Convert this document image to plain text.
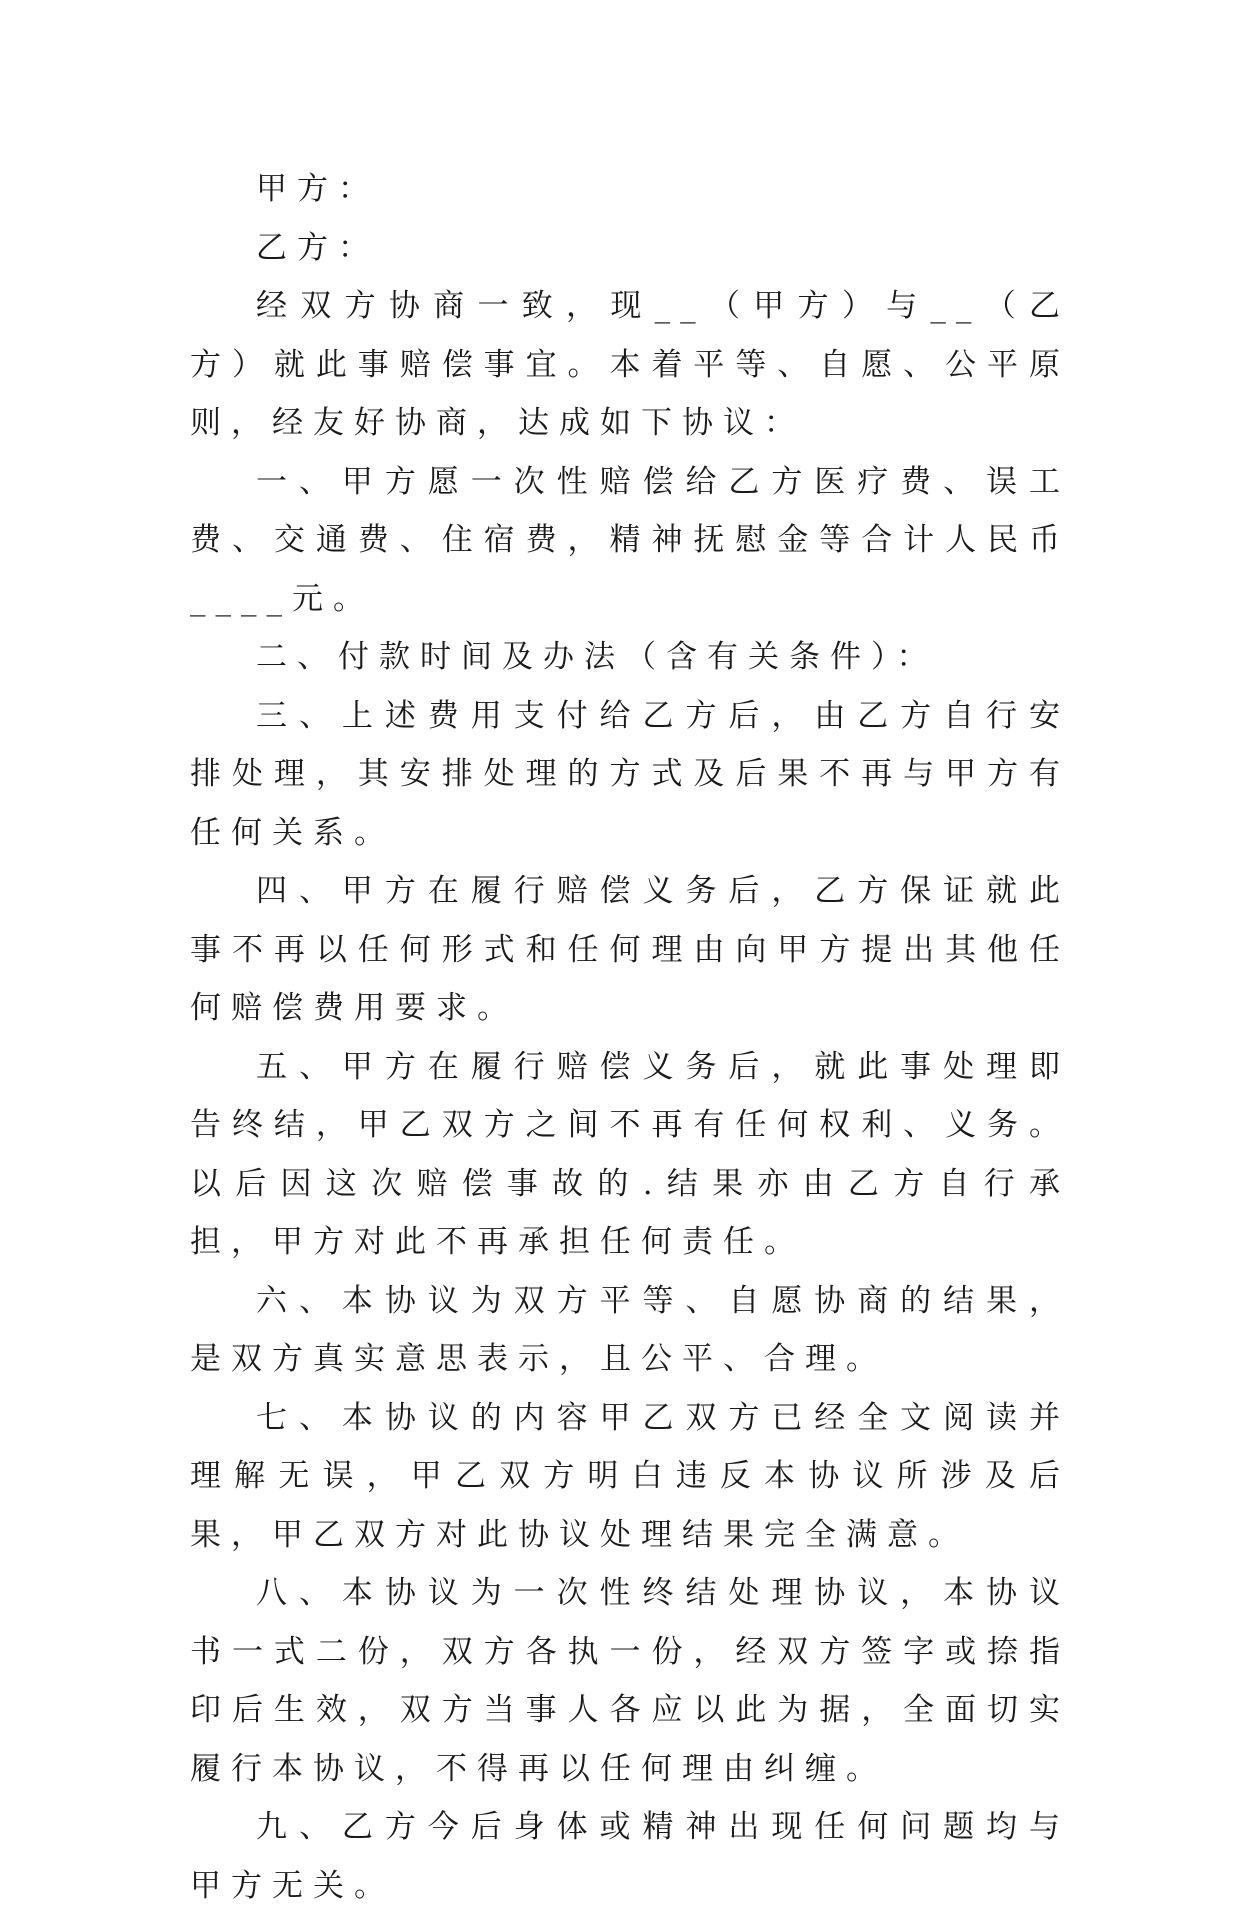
甲方：

乙方：

经双方协商一致，现__（甲方）与__（乙方）就此事赔偿事宜。本着平等、自愿、公平原则，经友好协商，达成如下协议：

一、甲方愿一次性赔偿给乙方医疗费、误工费、交通费、住宿费，精神抚慰金等合计人民币____元。

二、付款时间及办法（含有关条件）：

三、上述费用支付给乙方后，由乙方自行安排处理，其安排处理的方式及后果不再与甲方有任何关系。

四、甲方在履行赔偿义务后，乙方保证就此事不再以任何形式和任何理由向甲方提出其他任何赔偿费用要求。

五、甲方在履行赔偿义务后，就此事处理即告终结，甲乙双方之间不再有任何权利、义务。以后因这次赔偿事故的.结果亦由乙方自行承担，甲方对此不再承担任何责任。

六、本协议为双方平等、自愿协商的结果，是双方真实意思表示，且公平、合理。

七、本协议的内容甲乙双方已经全文阅读并理解无误，甲乙双方明白违反本协议所涉及后果，甲乙双方对此协议处理结果完全满意。

八、本协议为一次性终结处理协议，本协议书一式二份，双方各执一份，经双方签字或捺指印后生效，双方当事人各应以此为据，全面切实履行本协议，不得再以任何理由纠缠。

九、乙方今后身体或精神出现任何问题均与甲方无关。
